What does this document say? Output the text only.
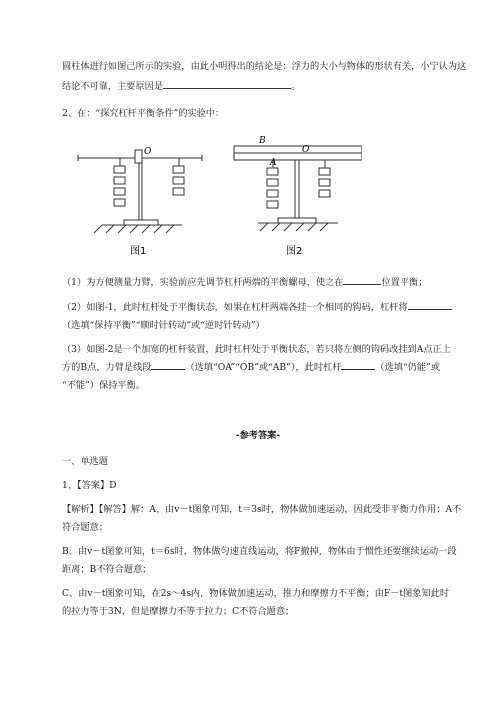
圆柱体进行如图己所示的实验，由此小明得出的结论是：浮力的大小与物体的形状有关，小宁认为这
结论不可靠，主要原因是	。
2、在：“探究杠杆平衡条件”的实验中：
O
图1
B
A
O
图2
（1）为方便测量力臂，实验前应先调节杠杆两端的平衡螺母，使之在	位置平衡；
（2）如图-1，此时杠杆处于平衡状态，如果在杠杆两端各挂一个相同的钩码，杠杆将
（选填“保持平衡”“顺时针转动”或“逆时针转动”）
（3）如图-2是一个加宽的杠杆装置，此时杠杆处于平衡状态，若只将左侧的钩码改挂到A点正上
方的B点，力臂是线段	（选填“OA”“OB”或“AB”），此时杠杆	（选填“仍能”或
“不能”）保持平衡。
-参考答案-
一、单选题
1、【答案】D
【解析】【解答】解：A、由v－t图象可知，t＝3s时，物体做加速运动，因此受非平衡力作用；A不
符合题意；
B、由v－t图象可知，t＝6s时，物体做匀速直线运动，将F撤掉，物体由于惯性还要继续运动一段
距离；B不符合题意；
C、由v－t图象可知，在2s～4s内，物体做加速运动，推力和摩擦力不平衡；由F－t图象知此时
的拉力等于3N，但是摩擦力不等于拉力；C不符合题意；
